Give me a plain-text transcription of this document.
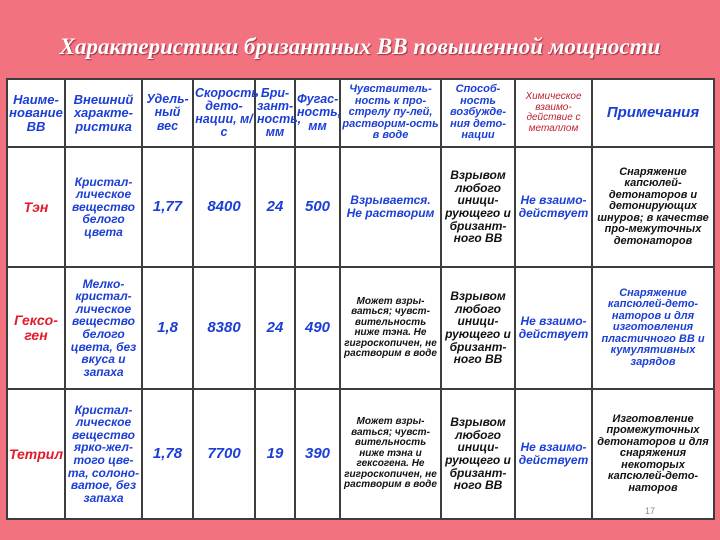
Характеристики бризантных ВВ повышенной мощности
Наиме-нование ВВ	Внешний характе-ристика	Удель-ный вес	Скорость дето-нации, м/с	Бри-зант-ность, мм	Фугас-ность, мм	Чувствитель-ность к про-стрелу пу-лей, растворим-ость в воде	Способ-ность возбужде-ния дето-нации	Химическое взаимо-действие с металлом	Примечания
Тэн	Кристал-лическое вещество белого цвета	1,77	8400	24	500	Взрывается. Не растворим	Взрывом любого иници-рующего и бризант-ного ВВ	Не взаимо-действует	Снаряжение капсюлей-детонаторов и детонирующих шнуров; в качестве про-межуточных детонаторов
Гексо-ген	Мелко-кристал-лическое вещество белого цвета, без вкуса и запаха	1,8	8380	24	490	Может взры-ваться; чувст-вительность ниже тэна. Не гигроскопичен, не растворим в воде	Взрывом любого иници-рующего и бризант-ного ВВ	Не взаимо-действует	Снаряжение капсюлей-дето-наторов и для изготовления пластичного ВВ и кумулятивных зарядов
Тетрил	Кристал-лическое вещество ярко-жел-того цве-та, солоно-ватое, без запаха	1,78	7700	19	390	Может взры-ваться; чувст-вительность ниже тэна и гексогена. Не гигроскопичен, не растворим в воде	Взрывом любого иници-рующего и бризант-ного ВВ	Не взаимо-действует	Изготовление промежуточных детонаторов и для снаряжения некоторых капсюлей-дето-наторов
17
